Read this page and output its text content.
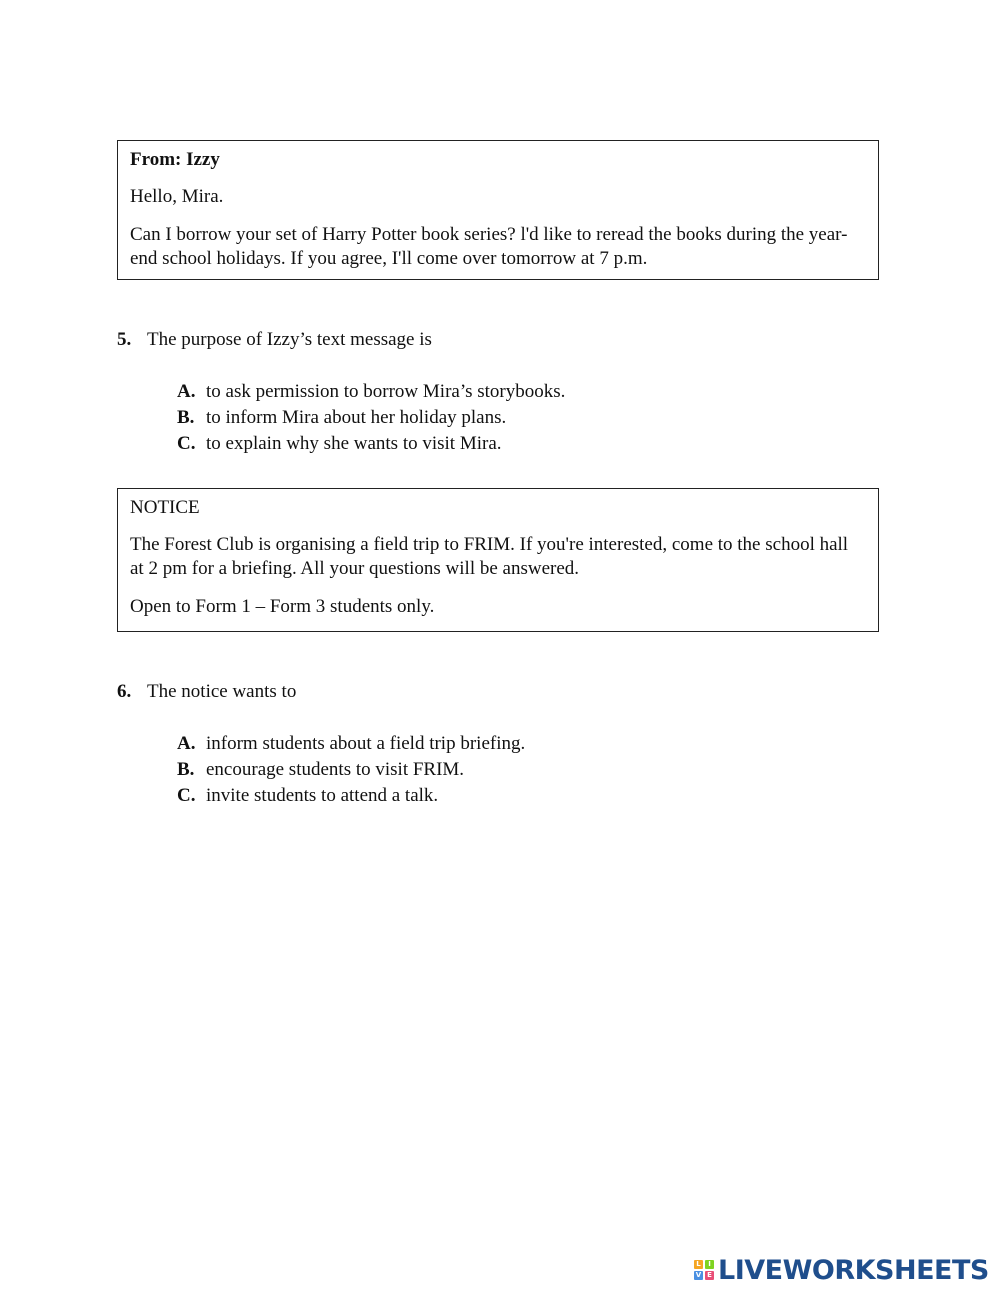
From: Izzy

Hello, Mira.

Can I borrow your set of Harry Potter book series? l'd like to reread the books during the year-end school holidays. If you agree, I'll come over tomorrow at 7 p.m.

5. The purpose of Izzy’s text message is
A. to ask permission to borrow Mira’s storybooks.
B. to inform Mira about her holiday plans.
C. to explain why she wants to visit Mira.

NOTICE

The Forest Club is organising a field trip to FRIM. If you're interested, come to the school hall at 2 pm for a briefing. All your questions will be answered.

Open to Form 1 – Form 3 students only.

6. The notice wants to
A. inform students about a field trip briefing.
B. encourage students to visit FRIM.
C. invite students to attend a talk.
L	I
V E LIVEWORKSHEETS
